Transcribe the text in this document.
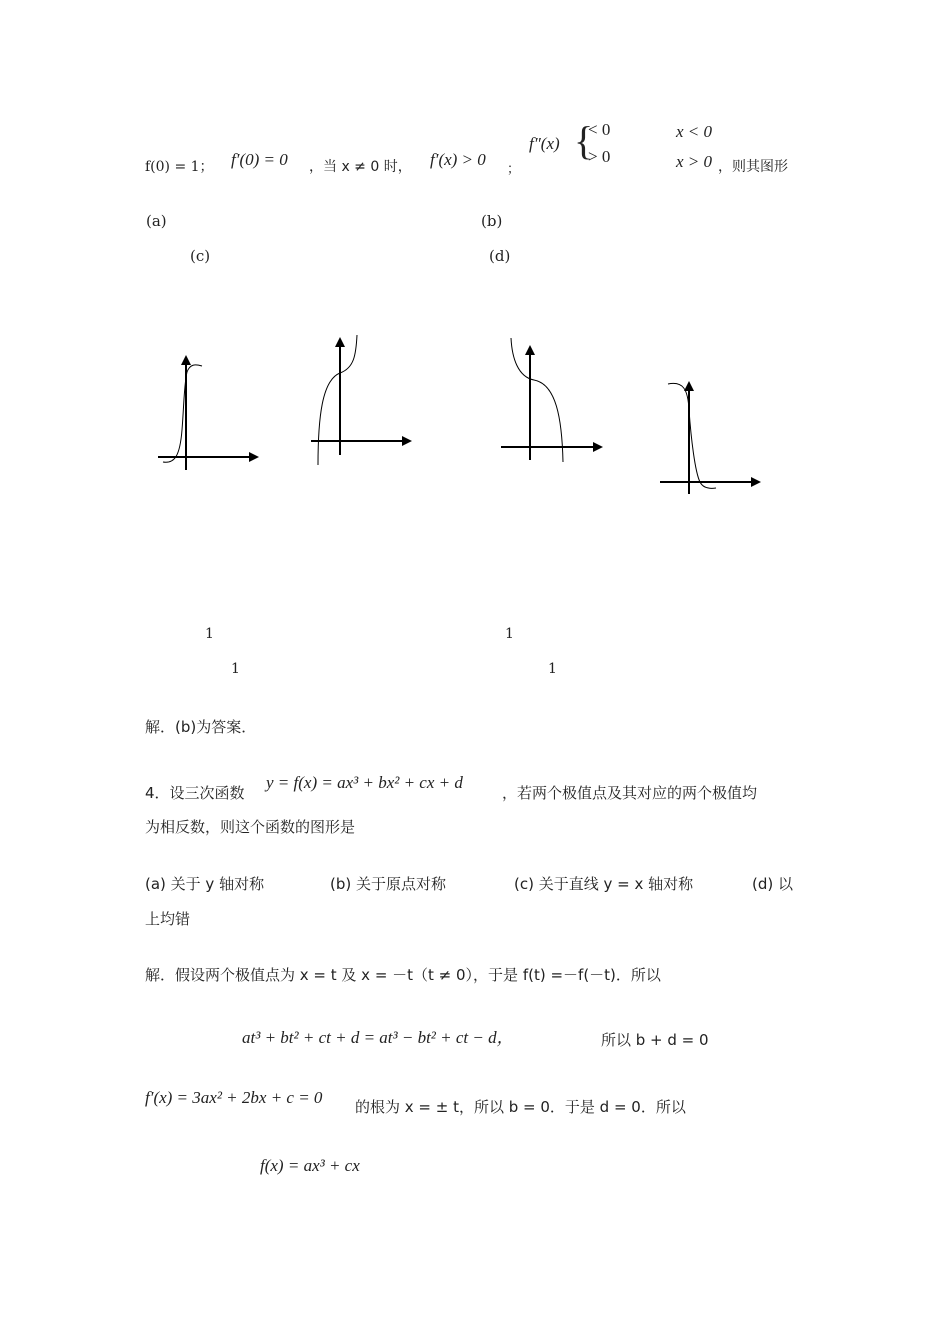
f(0) = 1； f′(0) = 0 ，当 x ≠ 0 时， f′(x) > 0
；
f″(x) {
< 0
> 0
x < 0
x > 0 ，则其图形
(a)	(b)
(c)	(d)
1	1
1	1
解．(b)为答案．
4．设三次函数
y = f(x) = ax³ + bx² + cx + d
，若两个极值点及其对应的两个极值均
为相反数，则这个函数的图形是
(a) 关于 y 轴对称	(b) 关于原点对称	(c) 关于直线 y = x 轴对称	(d) 以
上均错
解．假设两个极值点为 x = t 及 x = －t（t ≠ 0），于是 f(t) =－f(－t)．所以
at³ + bt² + ct + d = at³ − bt² + ct − d，	所以 b + d = 0
f′(x) = 3ax² + 2bx + c = 0 的根为 x = ± t，所以 b = 0．于是 d = 0．所以
f(x) = ax³ + cx
